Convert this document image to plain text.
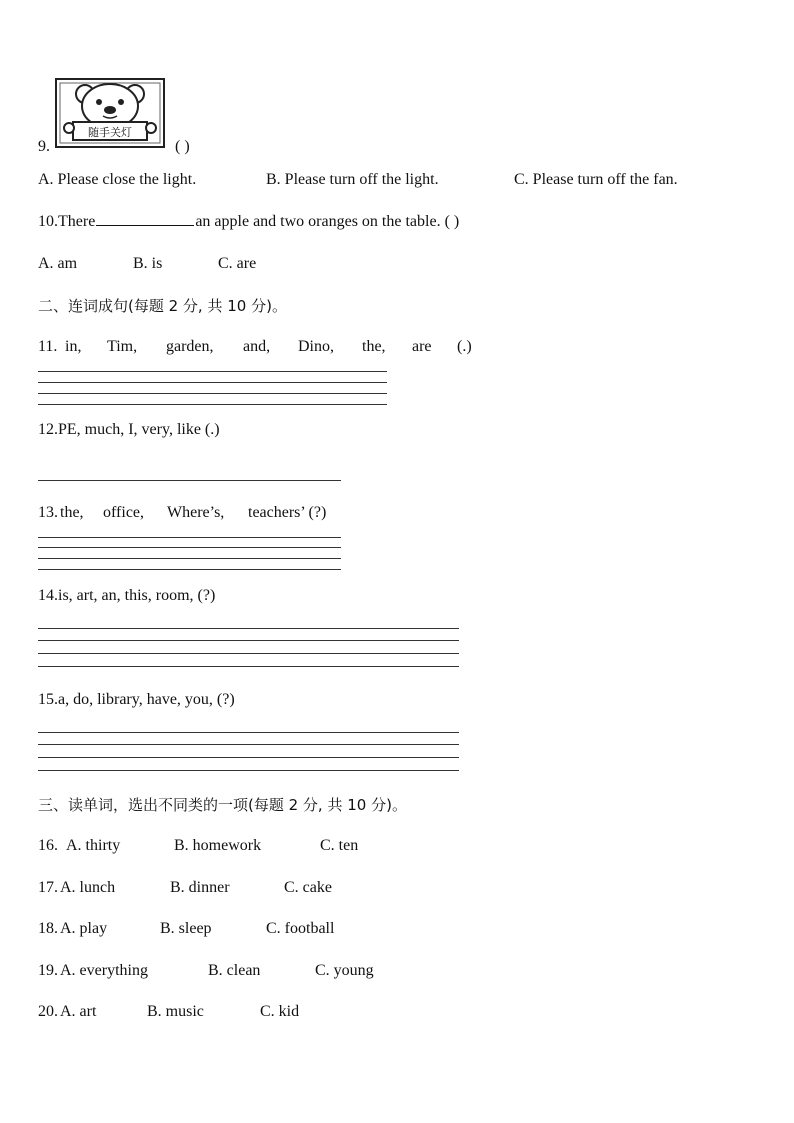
9.
随手关灯
( )
A. Please close the light.	B. Please turn off the light.	C. Please turn off the fan.
10.There	an apple and two oranges on the table. ( )
A. am	B. is	C. are
二、连词成句(每题 2 分, 共 10 分)。
11. in, Tim, garden, and, Dino, the, are (.)
12.PE, much, I, very, like (.)
13. the, office, Where’s, teachers’ (?)
14.is, art, an, this, room, (?)
15.a, do, library, have, you, (?)
三、读单词，选出不同类的一项(每题 2 分, 共 10 分)。
16. A. thirty	B. homework	C. ten
17. A. lunch	B. dinner	C. cake
18. A. play	B. sleep	C. football
19. A. everything	B. clean	C. young
20. A. art	B. music	C. kid
